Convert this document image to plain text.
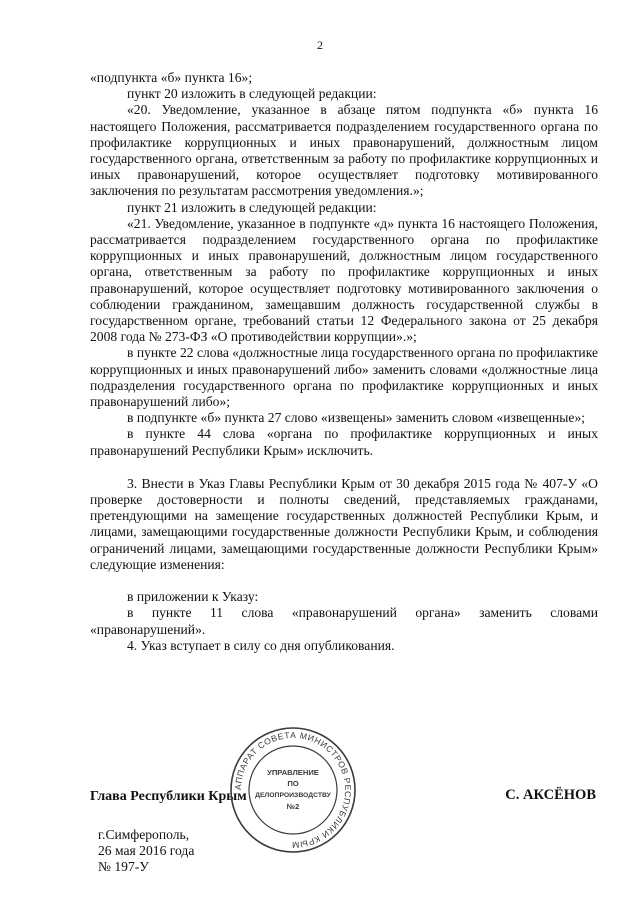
2

«подпункта «б» пункта 16»;

пункт 20 изложить в следующей редакции:

«20. Уведомление, указанное в абзаце пятом подпункта «б» пункта 16 настоящего Положения, рассматривается подразделением государственного органа по профилактике коррупционных и иных правонарушений, должностным лицом государственного органа, ответственным за работу по профилактике коррупционных и иных правонарушений, которое осуществляет подготовку мотивированного заключения по результатам рассмотрения уведомления.»;

пункт 21 изложить в следующей редакции:

«21. Уведомление, указанное в подпункте «д» пункта 16 настоящего Положения, рассматривается подразделением государственного органа по профилактике коррупционных и иных правонарушений, должностным лицом государственного органа, ответственным за работу по профилактике коррупционных и иных правонарушений, которое осуществляет подготовку мотивированного заключения о соблюдении гражданином, замещавшим должность государственной службы в государственном органе, требований статьи 12 Федерального закона от 25 декабря 2008 года № 273-ФЗ «О противодействии коррупции».»;

в пункте 22 слова «должностные лица государственного органа по профилактике коррупционных и иных правонарушений либо» заменить словами «должностные лица подразделения государственного органа по профилактике коррупционных и иных правонарушений либо»;

в подпункте «б» пункта 27 слово «извещены» заменить словом «извещенные»;

в пункте 44 слова «органа по профилактике коррупционных и иных правонарушений Республики Крым» исключить.

3. Внести в Указ Главы Республики Крым от 30 декабря 2015 года № 407-У «О проверке достоверности и полноты сведений, представляемых гражданами, претендующими на замещение государственных должностей Республики Крым, и лицами, замещающими государственные должности Республики Крым, и соблюдения ограничений лицами, замещающими государственные должности Республики Крым» следующие изменения:

в приложении к Указу:

в пункте 11 слова «правонарушений органа» заменить словами «правонарушений».

4. Указ вступает в силу со дня опубликования.

Глава Республики Крым	С. АКСЁНОВ
г.Симферополь,
26 мая 2016 года
№ 197-У
АППАРАТ СОВЕТА МИНИСТРОВ РЕСПУБЛИКИ КРЫМ
УПРАВЛЕНИЕ
ПО
ДЕЛОПРОИЗВОДСТВУ
№2
